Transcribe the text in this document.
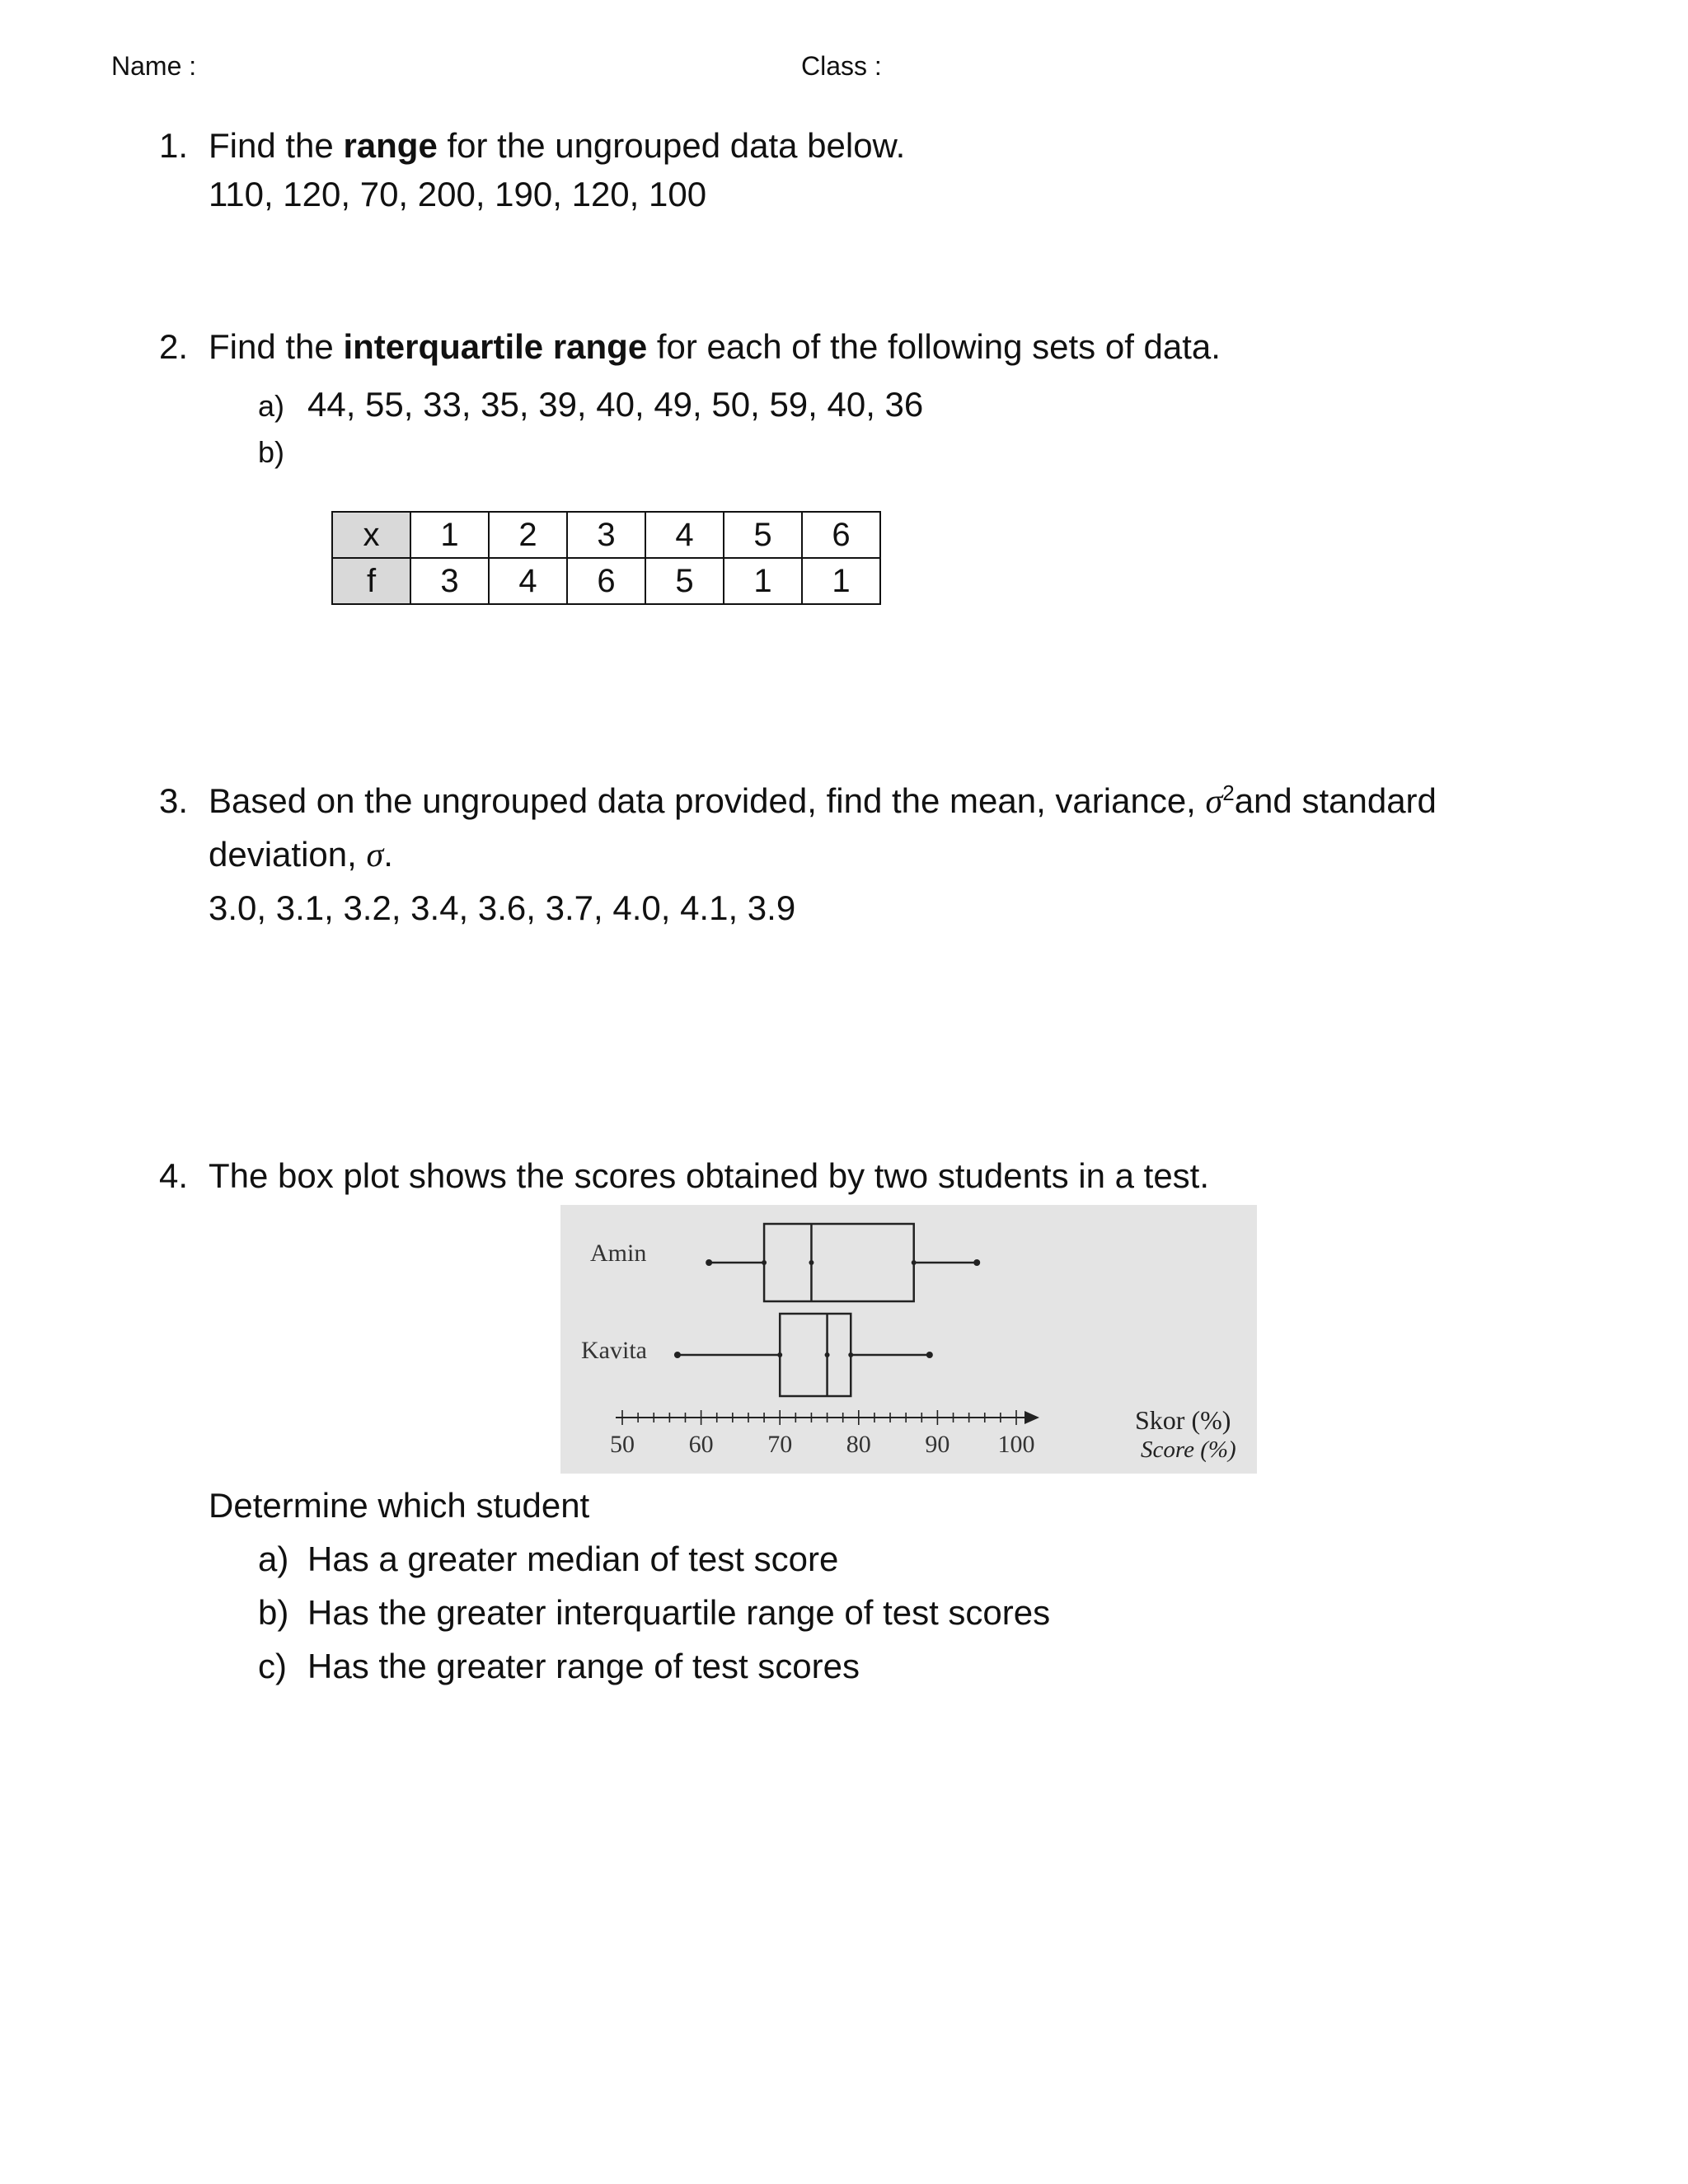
Name :	Class :
1. Find the range for the ungrouped data below.
110, 120, 70, 200, 190, 120, 100
2. Find the interquartile range for each of the following sets of data.
a) 44, 55, 33, 35, 39, 40, 49, 50, 59, 40, 36
b)
x	1	2	3	4	5	6
f	3	4	6	5	1	1
3. Based on the ungrouped data provided, find the mean, variance, $\sigma^2and$ standard
deviation, σ.
3.0, 3.1, 3.2, 3.4, 3.6, 3.7, 4.0, 4.1, 3.9
4. The box plot shows the scores obtained by two students in a test.
Amin
Kavita
50 60 70 80 90 100
Skor (%)
Score (%)
Determine which student
a) Has a greater median of test score
b) Has the greater interquartile range of test scores
c) Has the greater range of test scores
